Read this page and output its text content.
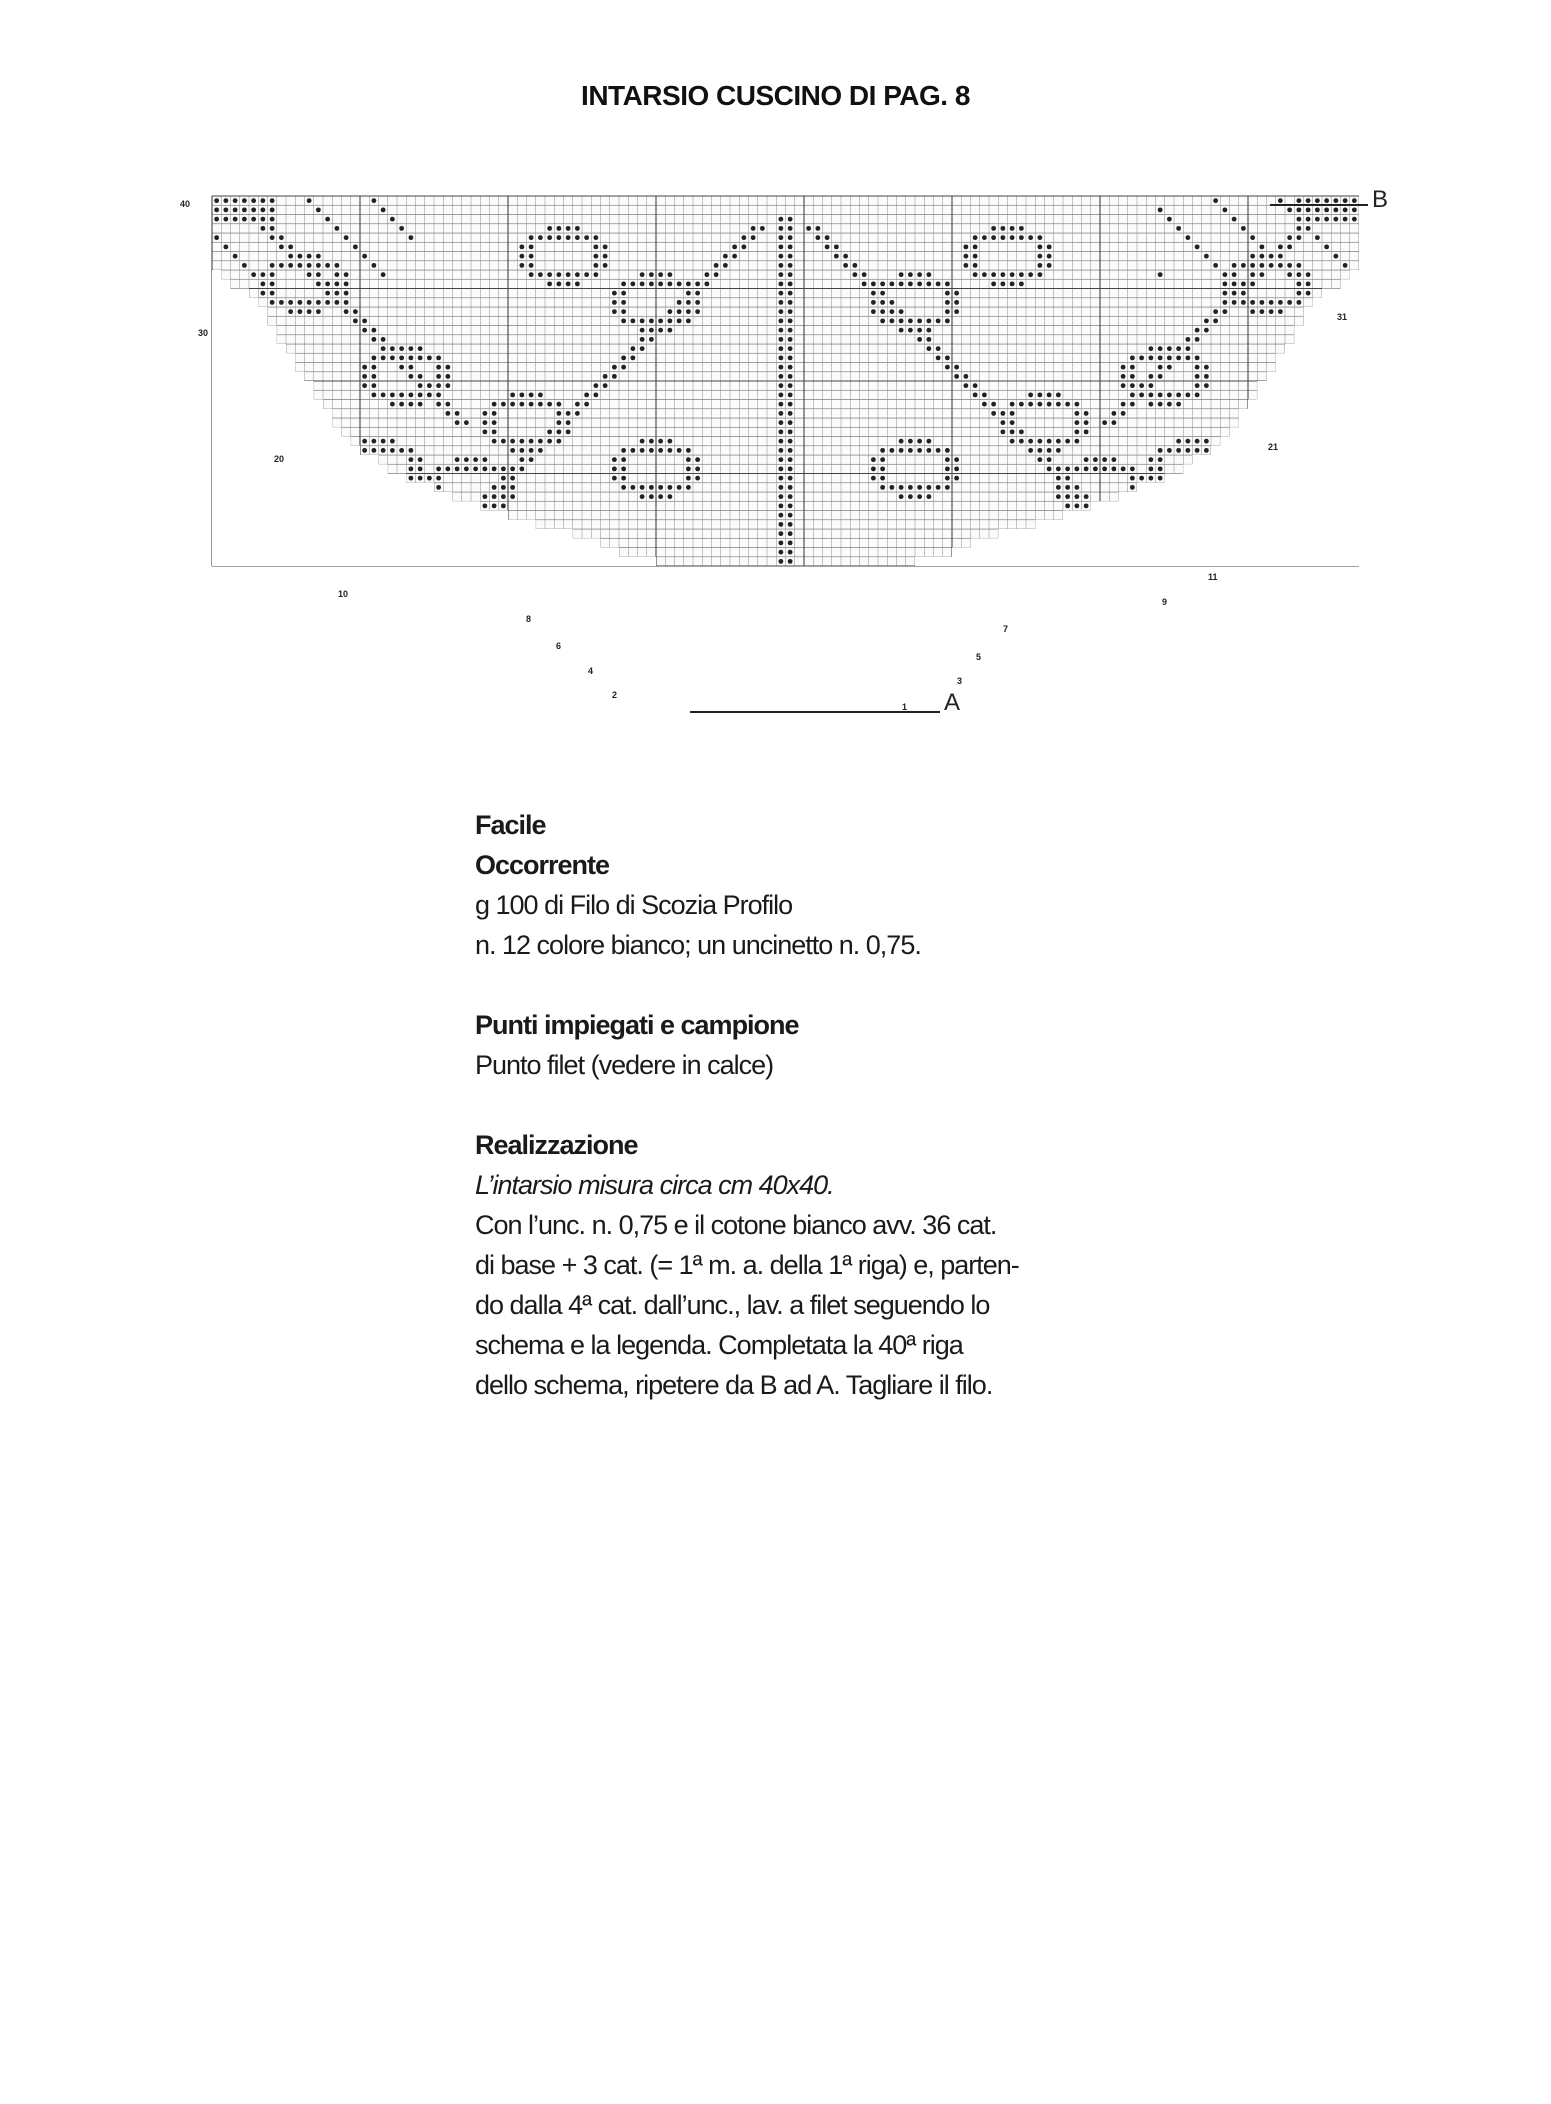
INTARSIO CUSCINO DI PAG. 8
B
A
40
30
31
20
21
10
11
8
9
7
6
5
4
3
2
1

Facile

Occorrente

g 100 di Filo di Scozia Profilo

n. 12 colore bianco; un uncinetto n. 0,75.

Punti impiegati e campione

Punto filet (vedere in calce)

Realizzazione

L’intarsio misura circa cm 40x40.

Con l’unc. n. 0,75 e il cotone bianco avv. 36 cat.

di base + 3 cat. (= 1ª m. a. della 1ª riga) e, parten-

do dalla 4ª cat. dall’unc., lav. a filet seguendo lo

schema e la legenda. Completata la 40ª riga

dello schema, ripetere da B ad A. Tagliare il filo.
